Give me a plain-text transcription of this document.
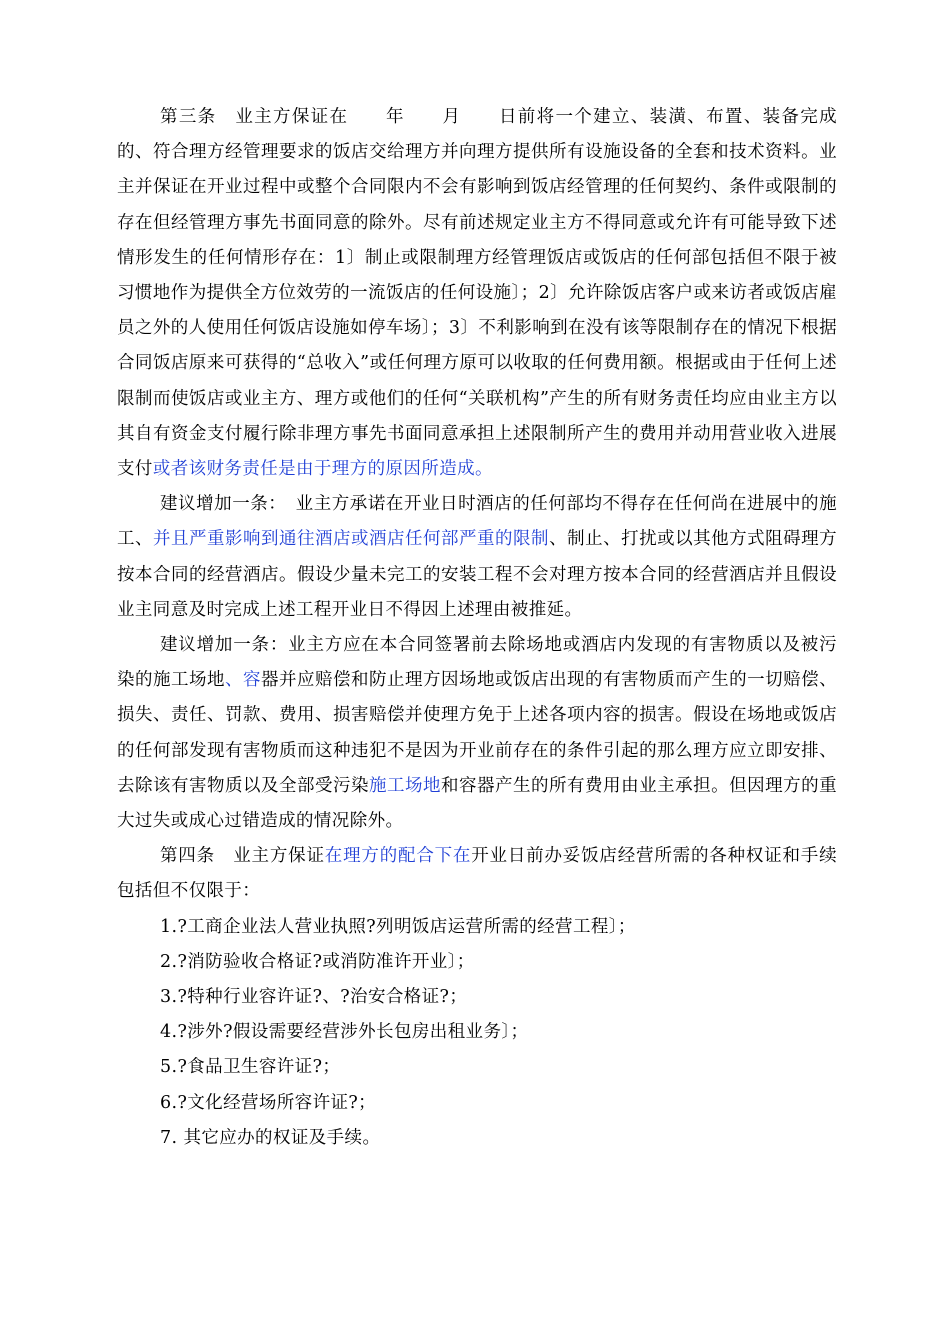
第三条　业主方保证在　　年　　月　　日前将一个建立、装潢、布置、装备完成的、符合理方经管理要求的饭店交给理方并向理方提供所有设施设备的全套和技术资料。业主并保证在开业过程中或整个合同限内不会有影响到饭店经管理的任何契约、条件或限制的存在但经管理方事先书面同意的除外。尽有前述规定业主方不得同意或允许有可能导致下述情形发生的任何情形存在：1〕制止或限制理方经管理饭店或饭店的任何部包括但不限于被习惯地作为提供全方位效劳的一流饭店的任何设施〕；2〕允许除饭店客户或来访者或饭店雇员之外的人使用任何饭店设施如停车场〕；3〕不利影响到在没有该等限制存在的情况下根据合同饭店原来可获得的“总收入”或任何理方原可以收取的任何费用额。根据或由于任何上述限制而使饭店或业主方、理方或他们的任何“关联机构”产生的所有财务责任均应由业主方以其自有资金支付履行除非理方事先书面同意承担上述限制所产生的费用并动用营业收入进展支付或者该财务责任是由于理方的原因所造成。

建议增加一条：　业主方承诺在开业日时酒店的任何部均不得存在任何尚在进展中的施工、并且严重影响到通往酒店或酒店任何部严重的限制、制止、打扰或以其他方式阻碍理方按本合同的经营酒店。假设少量未完工的安装工程不会对理方按本合同的经营酒店并且假设业主同意及时完成上述工程开业日不得因上述理由被推延。

建议增加一条：业主方应在本合同签署前去除场地或酒店内发现的有害物质以及被污染的施工场地、容器并应赔偿和防止理方因场地或饭店出现的有害物质而产生的一切赔偿、损失、责任、罚款、费用、损害赔偿并使理方免于上述各项内容的损害。假设在场地或饭店的任何部发现有害物质而这种违犯不是因为开业前存在的条件引起的那么理方应立即安排、去除该有害物质以及全部受污染施工场地和容器产生的所有费用由业主承担。但因理方的重大过失或成心过错造成的情况除外。

第四条　业主方保证在理方的配合下在开业日前办妥饭店经营所需的各种权证和手续包括但不仅限于：

1.?工商企业法人营业执照?列明饭店运营所需的经营工程〕；
2.?消防验收合格证?或消防准许开业〕；
3.?特种行业容许证?、?治安合格证?；
4.?涉外?假设需要经营涉外长包房出租业务〕；
5.?食品卫生容许证?；
6.?文化经营场所容许证?；
7. 其它应办的权证及手续。
